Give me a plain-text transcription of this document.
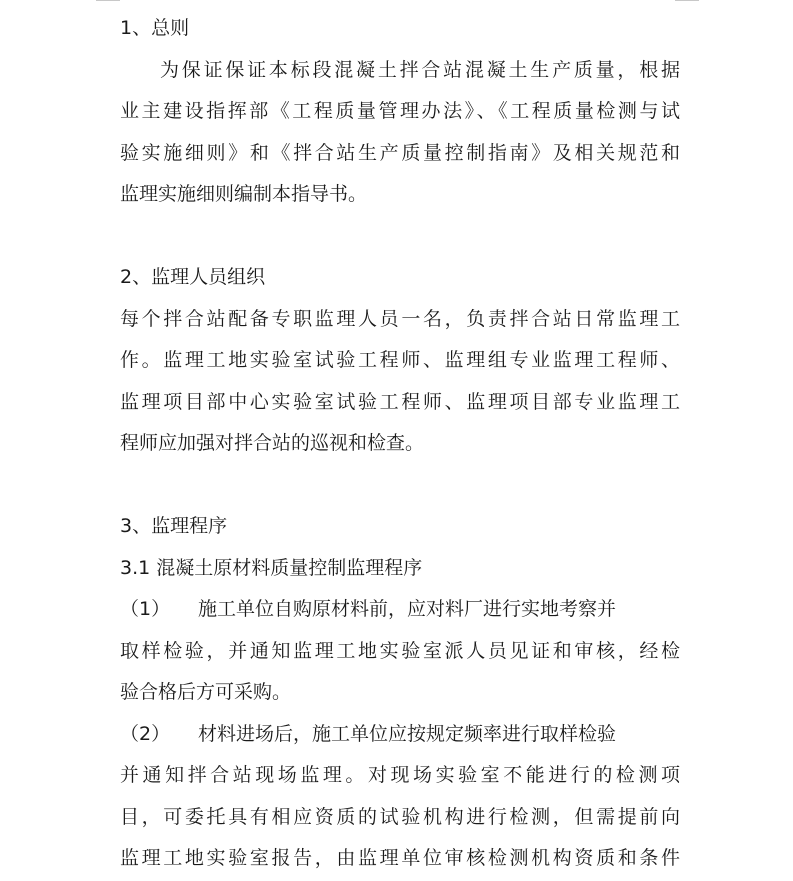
1、总则
为保证保证本标段混凝土拌合站混凝土生产质量，根据
业主建设指挥部《工程质量管理办法》、《工程质量检测与试
验实施细则》和《拌合站生产质量控制指南》及相关规范和
监理实施细则编制本指导书。
2、监理人员组织
每个拌合站配备专职监理人员一名，负责拌合站日常监理工
作。监理工地实验室试验工程师、监理组专业监理工程师、
监理项目部中心实验室试验工程师、监理项目部专业监理工
程师应加强对拌合站的巡视和检查。
3、监理程序
3.1 混凝土原材料质量控制监理程序
（1） 施工单位自购原材料前，应对料厂进行实地考察并
取样检验，并通知监理工地实验室派人员见证和审核，经检
验合格后方可采购。
（2） 材料进场后，施工单位应按规定频率进行取样检验
并通知拌合站现场监理。对现场实验室不能进行的检测项
目，可委托具有相应资质的试验机构进行检测，但需提前向
监理工地实验室报告，由监理单位审核检测机构资质和条件
